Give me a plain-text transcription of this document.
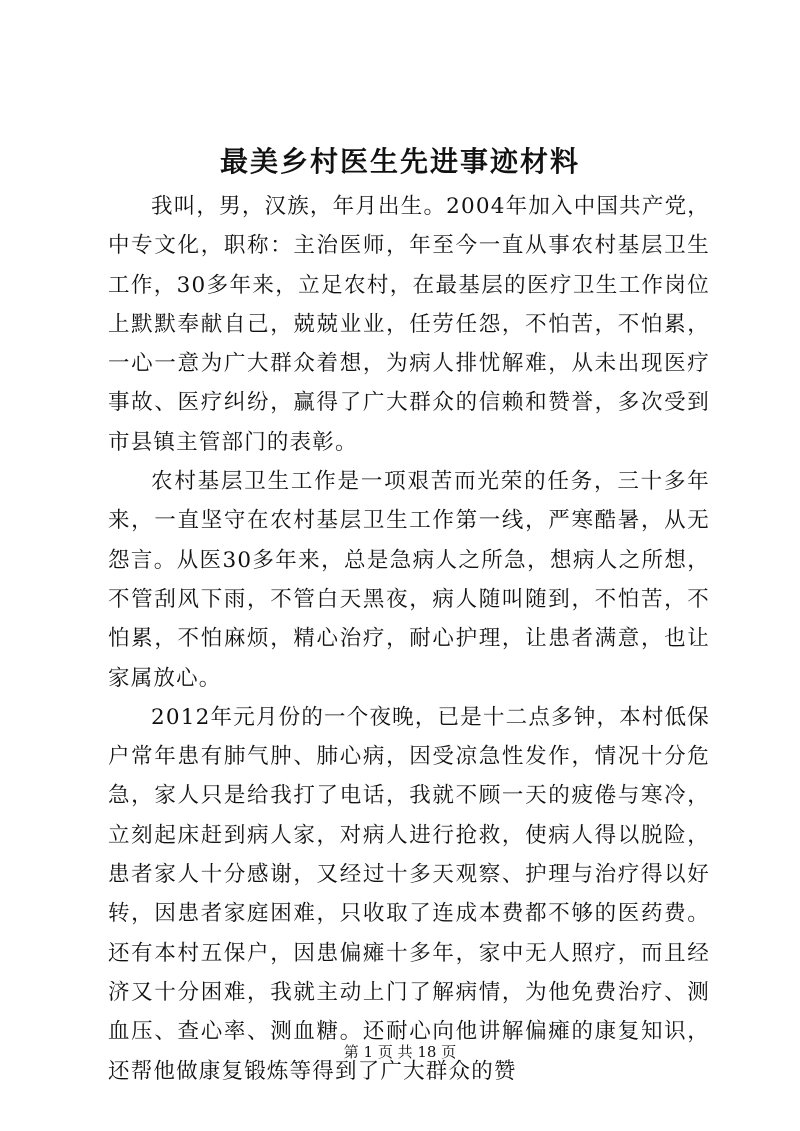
最美乡村医生先进事迹材料

我叫，男，汉族，年月出生。2004年加入中国共产党，中专文化，职称：主治医师，年至今一直从事农村基层卫生工作，30多年来，立足农村，在最基层的医疗卫生工作岗位上默默奉献自己，兢兢业业，任劳任怨，不怕苦，不怕累，一心一意为广大群众着想，为病人排忧解难，从未出现医疗事故、医疗纠纷，赢得了广大群众的信赖和赞誉，多次受到市县镇主管部门的表彰。

农村基层卫生工作是一项艰苦而光荣的任务，三十多年来，一直坚守在农村基层卫生工作第一线，严寒酷暑，从无怨言。从医30多年来，总是急病人之所急，想病人之所想，不管刮风下雨，不管白天黑夜，病人随叫随到，不怕苦，不怕累，不怕麻烦，精心治疗，耐心护理，让患者满意，也让家属放心。

2012年元月份的一个夜晚，已是十二点多钟，本村低保户常年患有肺气肿、肺心病，因受凉急性发作，情况十分危急，家人只是给我打了电话，我就不顾一天的疲倦与寒冷，立刻起床赶到病人家，对病人进行抢救，使病人得以脱险，患者家人十分感谢，又经过十多天观察、护理与治疗得以好转，因患者家庭困难，只收取了连成本费都不够的医药费。还有本村五保户，因患偏瘫十多年，家中无人照疗，而且经济又十分困难，我就主动上门了解病情，为他免费治疗、测血压、查心率、测血糖。还耐心向他讲解偏瘫的康复知识，还帮他做康复锻炼等得到了广大群众的赞

第 1 页 共 18 页
